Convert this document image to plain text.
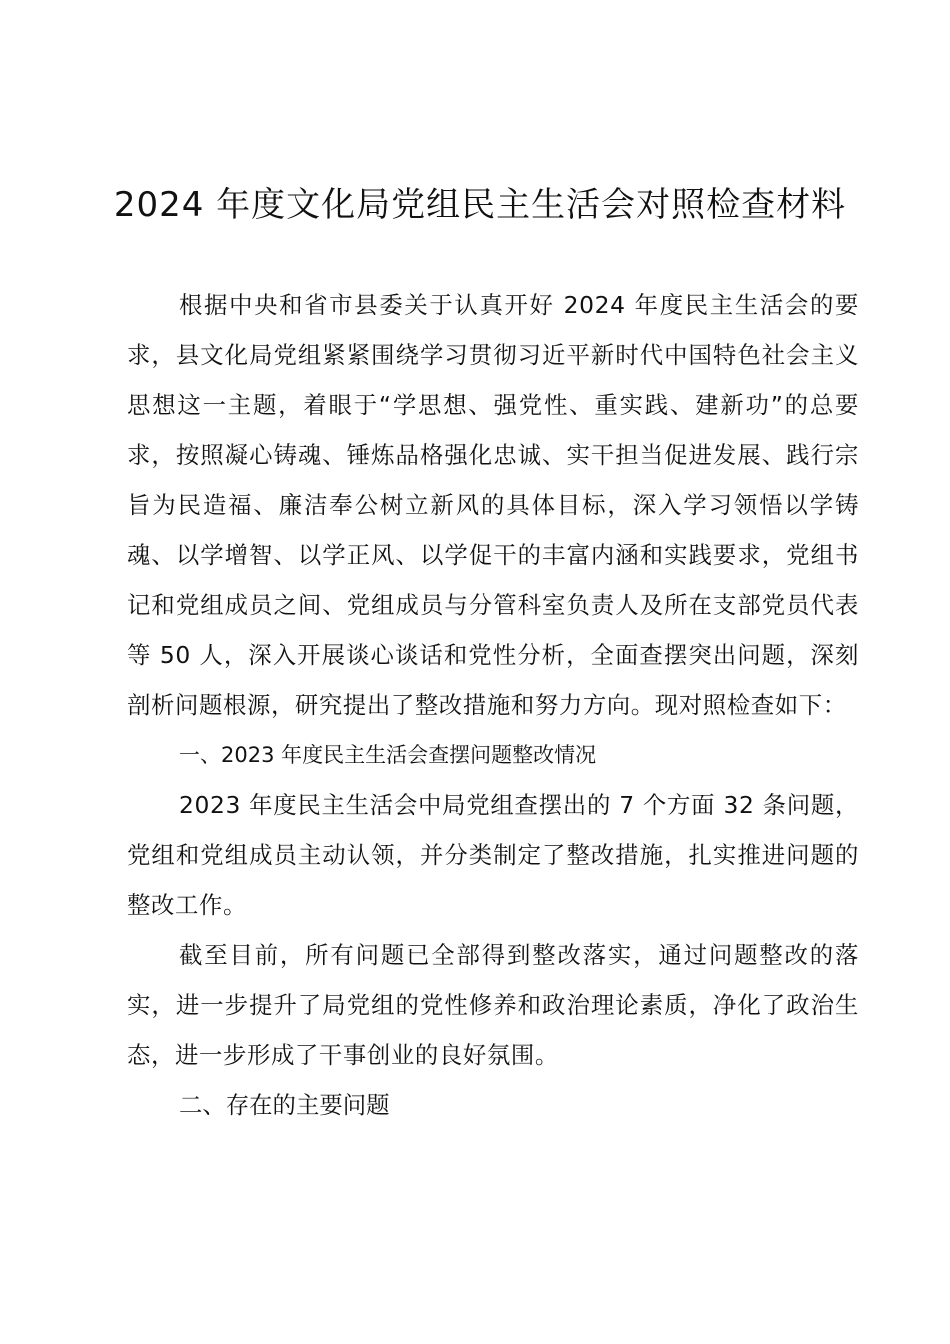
2024 年度文化局党组民主生活会对照检查材料

根据中央和省市县委关于认真开好 2024 年度民主生活会的要求，县文化局党组紧紧围绕学习贯彻习近平新时代中国特色社会主义思想这一主题，着眼于“学思想、强党性、重实践、建新功”的总要求，按照凝心铸魂、锤炼品格强化忠诚、实干担当促进发展、践行宗旨为民造福、廉洁奉公树立新风的具体目标，深入学习领悟以学铸魂、以学增智、以学正风、以学促干的丰富内涵和实践要求，党组书记和党组成员之间、党组成员与分管科室负责人及所在支部党员代表等 50 人，深入开展谈心谈话和党性分析，全面查摆突出问题，深刻剖析问题根源，研究提出了整改措施和努力方向。现对照检查如下：

一、2023 年度民主生活会查摆问题整改情况

2023 年度民主生活会中局党组查摆出的 7 个方面 32 条问题，党组和党组成员主动认领，并分类制定了整改措施，扎实推进问题的整改工作。

截至目前，所有问题已全部得到整改落实，通过问题整改的落实，进一步提升了局党组的党性修养和政治理论素质，净化了政治生态，进一步形成了干事创业的良好氛围。

二、存在的主要问题
